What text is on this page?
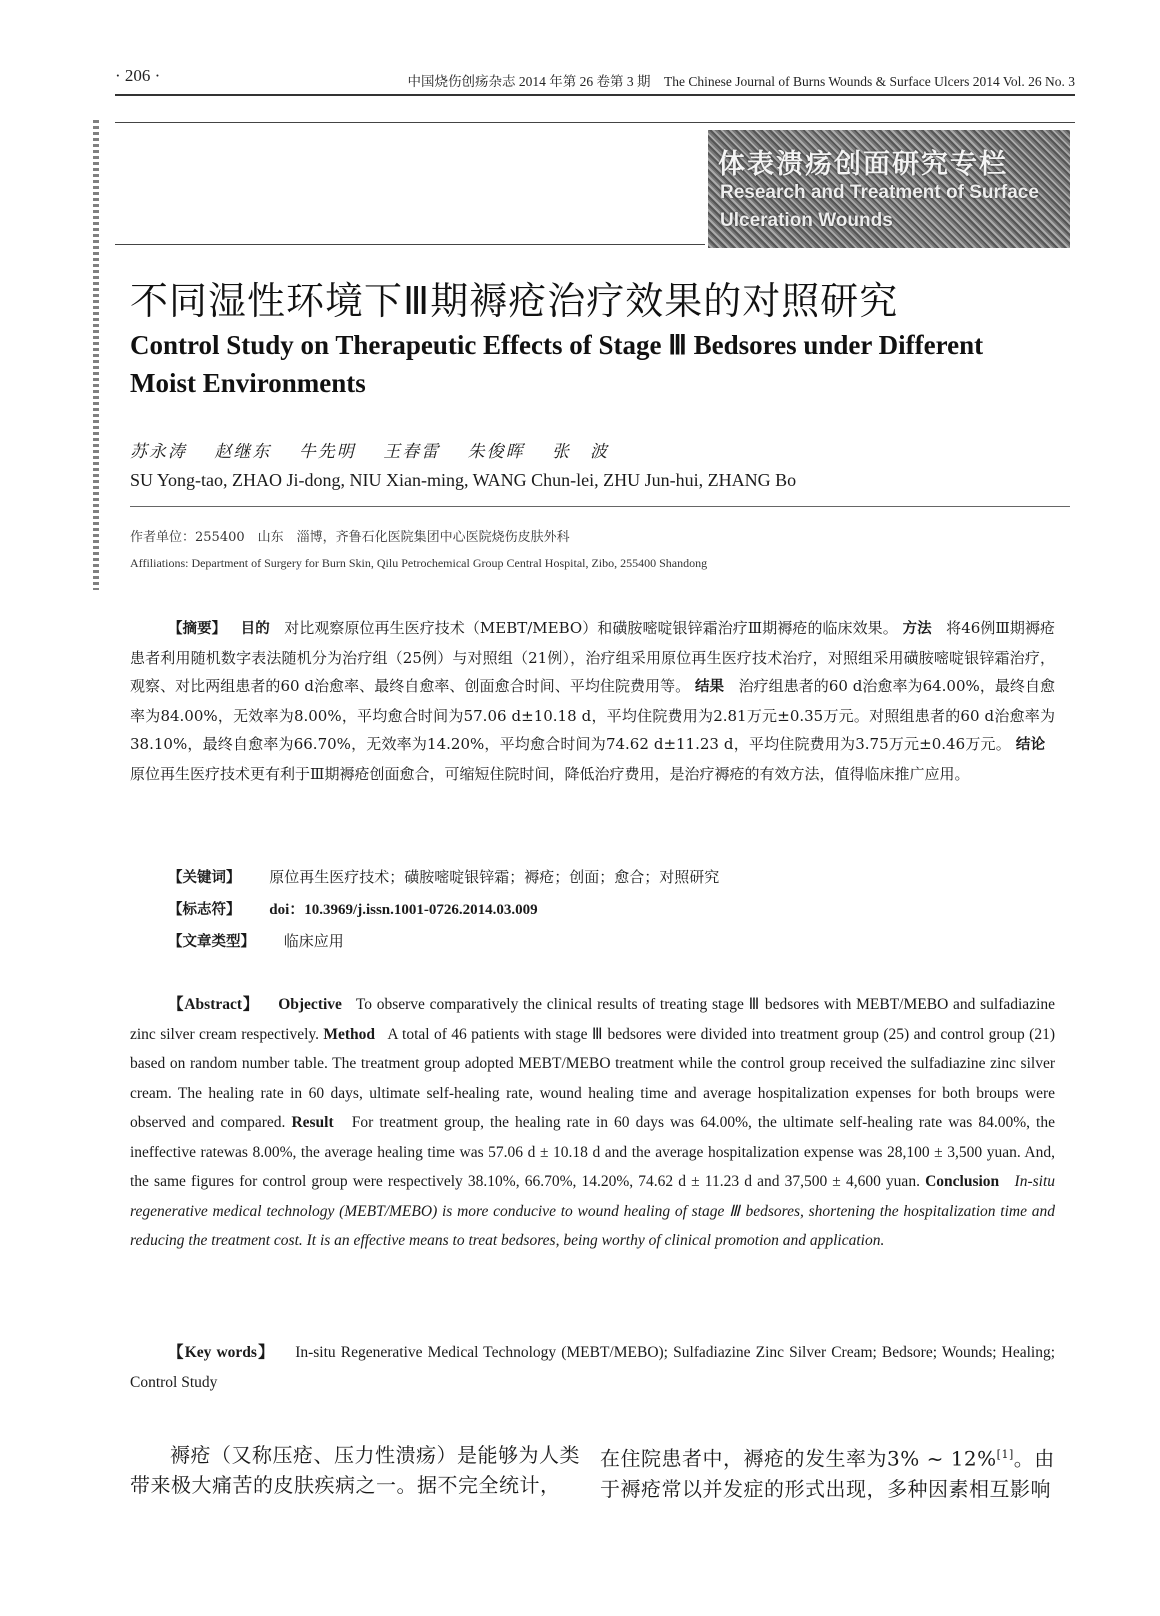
· 206 ·	中国烧伤创疡杂志 2014 年第 26 卷第 3 期　The Chinese Journal of Burns Wounds & Surface Ulcers 2014 Vol. 26 No. 3
体表溃疡创面研究专栏
Research and Treatment of Surface
Ulceration Wounds
不同湿性环境下Ⅲ期褥疮治疗效果的对照研究
Control Study on Therapeutic Effects of Stage Ⅲ Bedsores under Different Moist Environments
苏永涛 赵继东 牛先明 王春雷 朱俊晖 张　波
SU Yong-tao, ZHAO Ji-dong, NIU Xian-ming, WANG Chun-lei, ZHU Jun-hui, ZHANG Bo
作者单位：255400　山东　淄博，齐鲁石化医院集团中心医院烧伤皮肤外科
Affiliations: Department of Surgery for Burn Skin, Qilu Petrochemical Group Central Hospital, Zibo, 255400 Shandong
【摘要】 目的 对比观察原位再生医疗技术（MEBT/MEBO）和磺胺嘧啶银锌霜治疗Ⅲ期褥疮的临床效果。 方法 将46例Ⅲ期褥疮患者利用随机数字表法随机分为治疗组（25例）与对照组（21例），治疗组采用原位再生医疗技术治疗，对照组采用磺胺嘧啶银锌霜治疗，观察、对比两组患者的60 d治愈率、最终自愈率、创面愈合时间、平均住院费用等。 结果 治疗组患者的60 d治愈率为64.00%，最终自愈率为84.00%，无效率为8.00%，平均愈合时间为57.06 d±10.18 d，平均住院费用为2.81万元±0.35万元。对照组患者的60 d治愈率为38.10%，最终自愈率为66.70%，无效率为14.20%，平均愈合时间为74.62 d±11.23 d，平均住院费用为3.75万元±0.46万元。 结论   原位再生医疗技术更有利于Ⅲ期褥疮创面愈合，可缩短住院时间，降低治疗费用，是治疗褥疮的有效方法，值得临床推广应用。
【关键词】 原位再生医疗技术；磺胺嘧啶银锌霜；褥疮；创面；愈合；对照研究
【标志符】 doi：10.3969/j.issn.1001-0726.2014.03.009
【文章类型】 临床应用
【Abstract】 Objective To observe comparatively the clinical results of treating stage Ⅲ bedsores with MEBT/MEBO and sulfadiazine zinc silver cream respectively. Method A total of 46 patients with stage Ⅲ bedsores were divided into treatment group (25) and control group (21) based on random number table. The treatment group adopted MEBT/MEBO treatment while the control group received the sulfadiazine zinc silver cream. The healing rate in 60 days, ultimate self-healing rate, wound healing time and average hospitalization expenses for both broups were observed and compared. Result For treatment group, the healing rate in 60 days was 64.00%, the ultimate self-healing rate was 84.00%, the ineffective ratewas 8.00%, the average healing time was 57.06 d ± 10.18 d and the average hospitalization expense was 28,100 ± 3,500 yuan. And, the same figures for control group were respectively 38.10%, 66.70%, 14.20%, 74.62 d ± 11.23 d and 37,500 ± 4,600 yuan. Conclusion In-situ regenerative medical technology (MEBT/MEBO) is more conducive to wound healing of stage Ⅲ bedsores, shortening the hospitalization time and reducing the treatment cost. It is an effective means to treat bedsores, being worthy of clinical promotion and application.
【Key words】 In-situ Regenerative Medical Technology (MEBT/MEBO); Sulfadiazine Zinc Silver Cream; Bedsore; Wounds; Healing; Control Study
褥疮（又称压疮、压力性溃疡）是能够为人类带来极大痛苦的皮肤疾病之一。据不完全统计，
在住院患者中，褥疮的发生率为3% ~ 12%[1]。由于褥疮常以并发症的形式出现，多种因素相互影响
